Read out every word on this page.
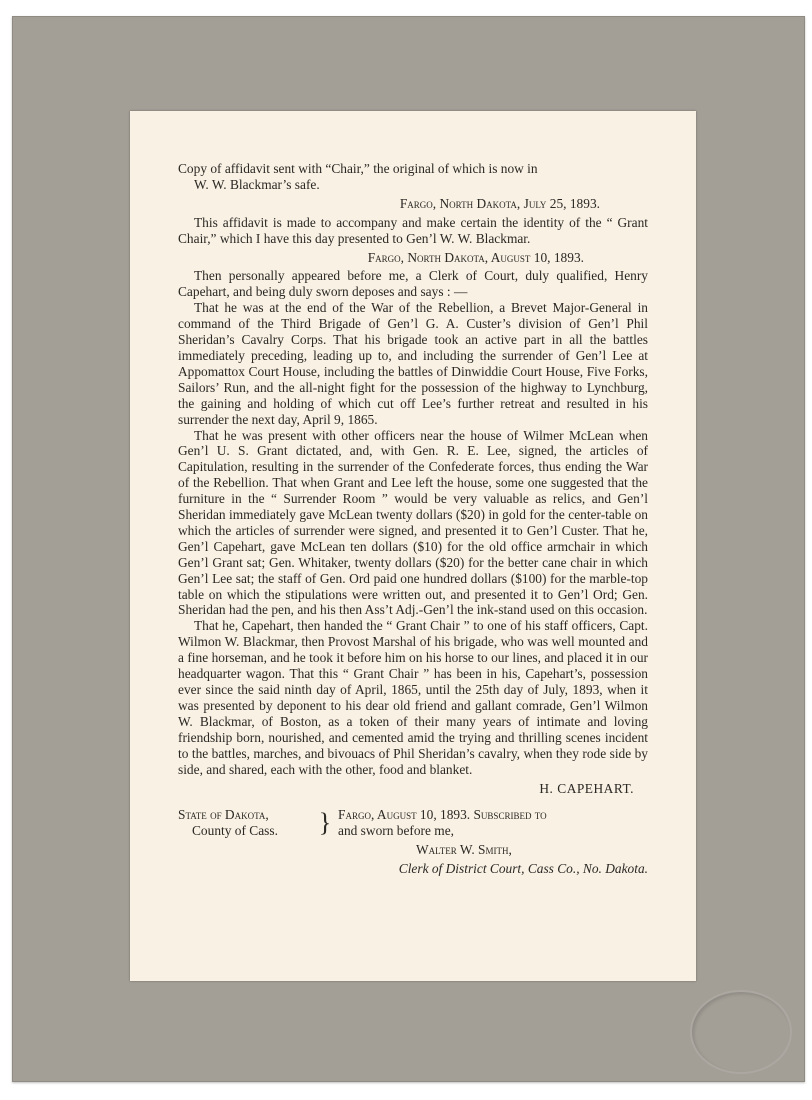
Copy of affidavit sent with “Chair,” the original of which is now in

W. W. Blackmar’s safe.

Fargo, North Dakota, July 25, 1893.

This affidavit is made to accompany and make certain the identity of the “ Grant Chair,” which I have this day presented to Gen’l W. W. Blackmar.

Fargo, North Dakota, August 10, 1893.

Then personally appeared before me, a Clerk of Court, duly qualified, Henry Capehart, and being duly sworn deposes and says : —

That he was at the end of the War of the Rebellion, a Brevet Major-General in command of the Third Brigade of Gen’l G. A. Custer’s division of Gen’l Phil Sheridan’s Cavalry Corps. That his brigade took an active part in all the battles immediately preceding, leading up to, and including the surrender of Gen’l Lee at Appomattox Court House, including the battles of Dinwiddie Court House, Five Forks, Sailors’ Run, and the all-night fight for the possession of the highway to Lynchburg, the gaining and holding of which cut off Lee’s further retreat and resulted in his surrender the next day, April 9, 1865.

That he was present with other officers near the house of Wilmer McLean when Gen’l U. S. Grant dictated, and, with Gen. R. E. Lee, signed, the articles of Capitulation, resulting in the surrender of the Confederate forces, thus ending the War of the Rebellion. That when Grant and Lee left the house, some one suggested that the furniture in the “ Surrender Room ” would be very valuable as relics, and Gen’l Sheridan immediately gave McLean twenty dollars ($20) in gold for the center-table on which the articles of surrender were signed, and presented it to Gen’l Custer. That he, Gen’l Capehart, gave McLean ten dollars ($10) for the old office armchair in which Gen’l Grant sat; Gen. Whitaker, twenty dollars ($20) for the better cane chair in which Gen’l Lee sat; the staff of Gen. Ord paid one hundred dollars ($100) for the marble-top table on which the stipulations were written out, and presented it to Gen’l Ord; Gen. Sheridan had the pen, and his then Ass’t Adj.-Gen’l the ink-stand used on this occasion.

That he, Capehart, then handed the “ Grant Chair ” to one of his staff officers, Capt. Wilmon W. Blackmar, then Provost Marshal of his brigade, who was well mounted and a fine horseman, and he took it before him on his horse to our lines, and placed it in our headquarter wagon. That this “ Grant Chair ” has been in his, Capehart’s, possession ever since the said ninth day of April, 1865, until the 25th day of July, 1893, when it was presented by deponent to his dear old friend and gallant comrade, Gen’l Wilmon W. Blackmar, of Boston, as a token of their many years of intimate and loving friendship born, nourished, and cemented amid the trying and thrilling scenes incident to the battles, marches, and bivouacs of Phil Sheridan’s cavalry, when they rode side by side, and shared, each with the other, food and blanket.

H. CAPEHART.

State of Dakota,
County of Cass.	} Fargo, August 10, 1893. Subscribed to
and sworn before me,

Walter W. Smith,

Clerk of District Court, Cass Co., No. Dakota.
